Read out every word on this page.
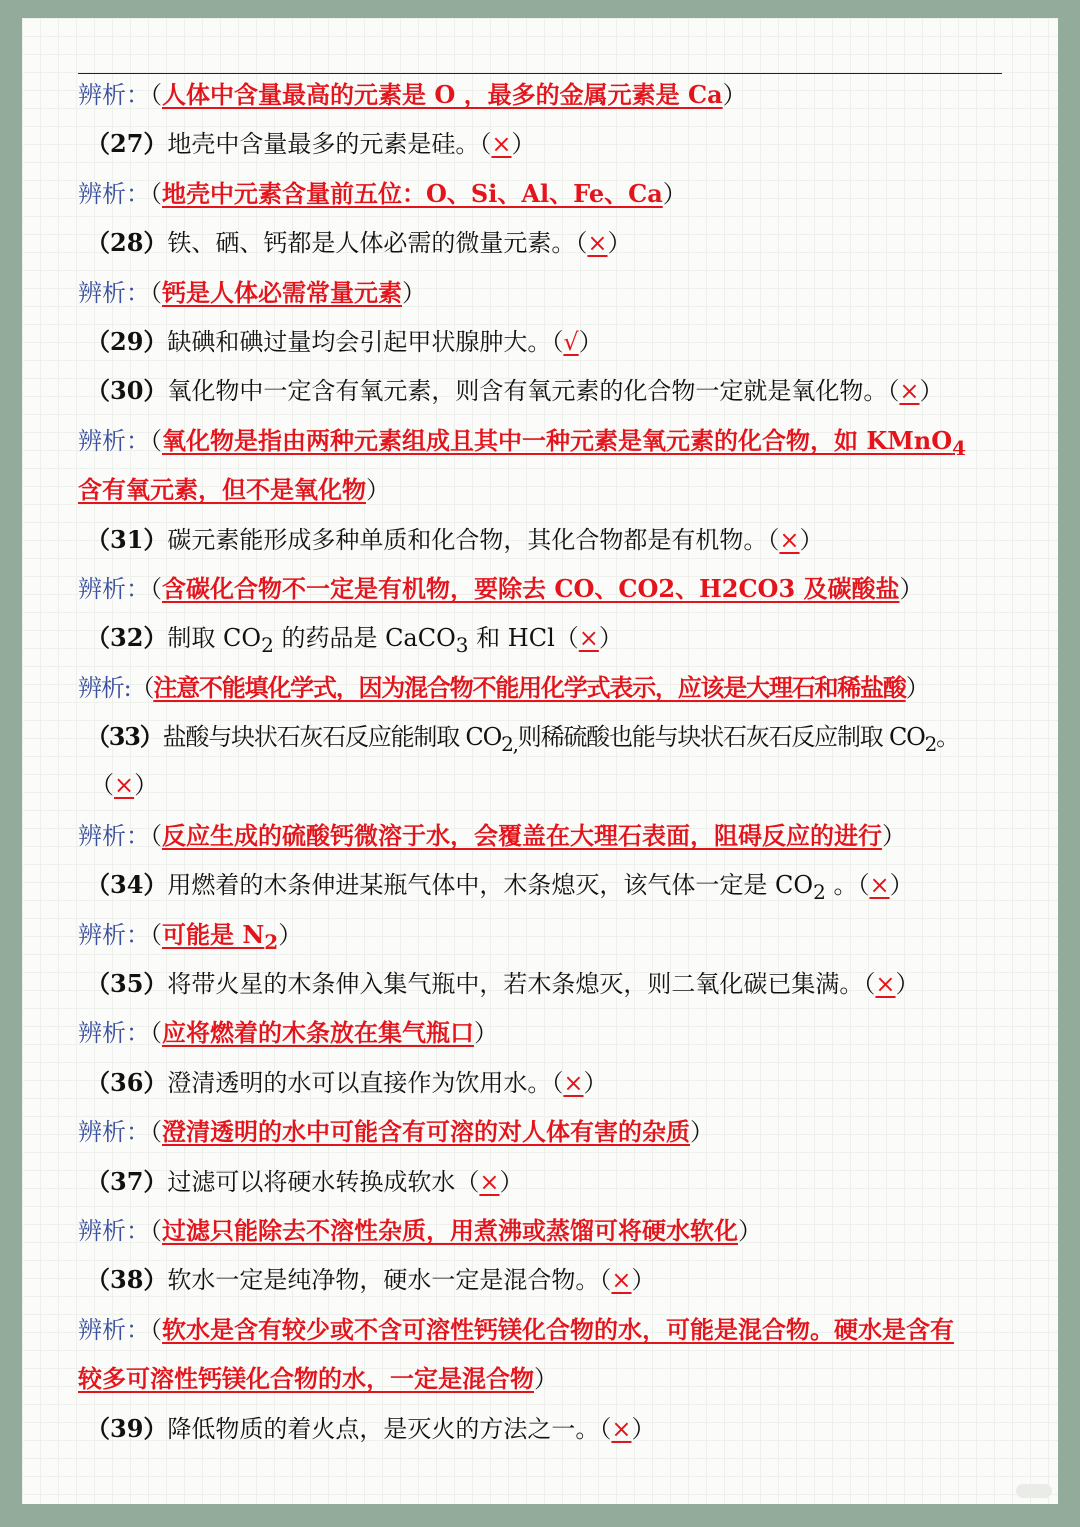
辨析：（人体中含量最高的元素是 O ，最多的金属元素是 Ca）
（27）地壳中含量最多的元素是硅。（×）
辨析：（地壳中元素含量前五位：O、Si、Al、Fe、Ca）
（28）铁、硒、钙都是人体必需的微量元素。（×）
辨析：（钙是人体必需常量元素）
（29）缺碘和碘过量均会引起甲状腺肿大。（√）
（30）氧化物中一定含有氧元素，则含有氧元素的化合物一定就是氧化物。（×）
辨析：（氧化物是指由两种元素组成且其中一种元素是氧元素的化合物，如 KMnO$_4$
含有氧元素，但不是氧化物）
（31）碳元素能形成多种单质和化合物，其化合物都是有机物。（×）
辨析：（含碳化合物不一定是有机物，要除去 CO、CO2、H2CO3 及碳酸盐）
（32）制取 $CO_2$ 的药品是 CaCO$_3$ 和 HCl（×）
辨析:（注意不能填化学式，因为混合物不能用化学式表示，应该是大理石和稀盐酸）
（33）盐酸与块状石灰石反应能制取 $CO_{2,}$则稀硫酸也能与块状石灰石反应制取 $CO_2$。
（×）
辨析：（反应生成的硫酸钙微溶于水，会覆盖在大理石表面，阻碍反应的进行）
（34）用燃着的木条伸进某瓶气体中，木条熄灭，该气体一定是 $CO_2$ 。（×）
辨析：（可能是 $N_2$）
（35）将带火星的木条伸入集气瓶中，若木条熄灭，则二氧化碳已集满。（×）
辨析：（应将燃着的木条放在集气瓶口）
（36）澄清透明的水可以直接作为饮用水。（×）
辨析：（澄清透明的水中可能含有可溶的对人体有害的杂质）
（37）过滤可以将硬水转换成软水（×）
辨析：（过滤只能除去不溶性杂质，用煮沸或蒸馏可将硬水软化）
（38）软水一定是纯净物，硬水一定是混合物。（×）
辨析：（软水是含有较少或不含可溶性钙镁化合物的水，可能是混合物。硬水是含有
较多可溶性钙镁化合物的水，一定是混合物）
（39）降低物质的着火点，是灭火的方法之一。（×）
